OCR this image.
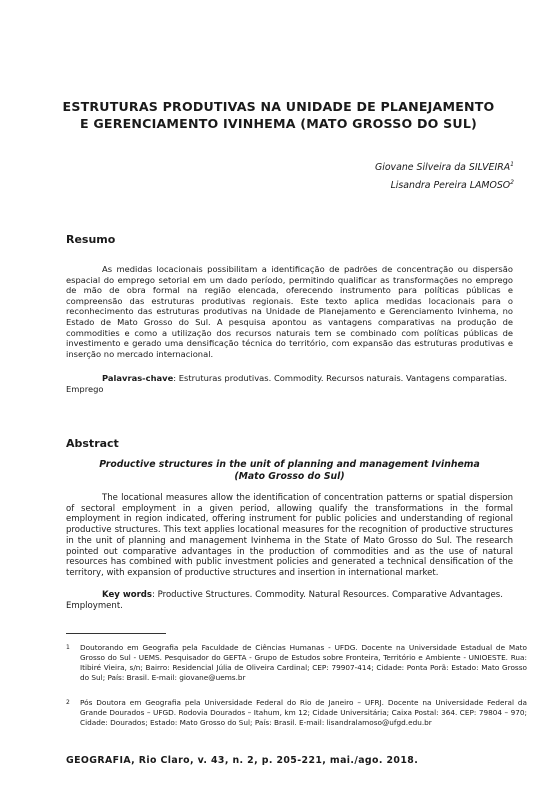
ESTRUTURAS PRODUTIVAS NA UNIDADE DE PLANEJAMENTO
E GERENCIAMENTO IVINHEMA (MATO GROSSO DO SUL)
Giovane Silveira da SILVEIRA$^1$
Lisandra Pereira LAMOSO$^2$
Resumo

As medidas locacionais possibilitam a identificação de padrões de concentração ou dispersão espacial do emprego setorial em um dado período, permitindo qualificar as transformações no emprego de mão de obra formal na região elencada, oferecendo instrumento para políticas públicas e compreensão das estruturas produtivas regionais. Este texto aplica medidas locacionais para o reconhecimento das estruturas produtivas na Unidade de Planejamento e Gerenciamento Ivinhema, no Estado de Mato Grosso do Sul. A pesquisa apontou as vantagens comparativas na produção de commodities e como a utilização dos recursos naturais tem se combinado com políticas públicas de investimento e gerado uma densificação técnica do território, com expansão das estruturas produtivas e inserção no mercado internacional.

Palavras-chave: Estruturas produtivas. Commodity. Recursos naturais. Vantagens comparatias. Emprego

Abstract
Productive structures in the unit of planning and management Ivinhema
(Mato Grosso do Sul)

The locational measures allow the identification of concentration patterns or spatial dispersion of sectoral employment in a given period, allowing qualify the transformations in the formal employment in region indicated, offering instrument for public policies and understanding of regional productive structures. This text applies locational measures for the recognition of productive structures in the unit of planning and management Ivinhema in the State of Mato Grosso do Sul. The research pointed out comparative advantages in the production of commodities and as the use of natural resources has combined with public investment policies and generated a technical densification of the territory, with expansion of productive structures and insertion in international market.

Key words: Productive Structures. Commodity. Natural Resources. Comparative Advantages. Employment.

1 Doutorando em Geografia pela Faculdade de Ciências Humanas - UFDG. Docente na Universidade Estadual de Mato Grosso do Sul - UEMS. Pesquisador do GEFTA - Grupo de Estudos sobre Fronteira, Território e Ambiente - UNIOESTE. Rua: Itibiré Vieira, s/n; Bairro: Residencial Júlia de Oliveira Cardinal; CEP: 79907-414; Cidade: Ponta Porã: Estado: Mato Grosso do Sul; País: Brasil. E-mail: giovane@uems.br

2 Pós Doutora em Geografia pela Universidade Federal do Rio de Janeiro – UFRJ. Docente na Universidade Federal da Grande Dourados – UFGD. Rodovia Dourados – Itahum, km 12; Cidade Universitária; Caixa Postal: 364. CEP: 79804 – 970; Cidade: Dourados; Estado: Mato Grosso do Sul; País: Brasil. E-mail: lisandralamoso@ufgd.edu.br

GEOGRAFIA, Rio Claro, v. 43, n. 2, p. 205-221, mai./ago. 2018.
